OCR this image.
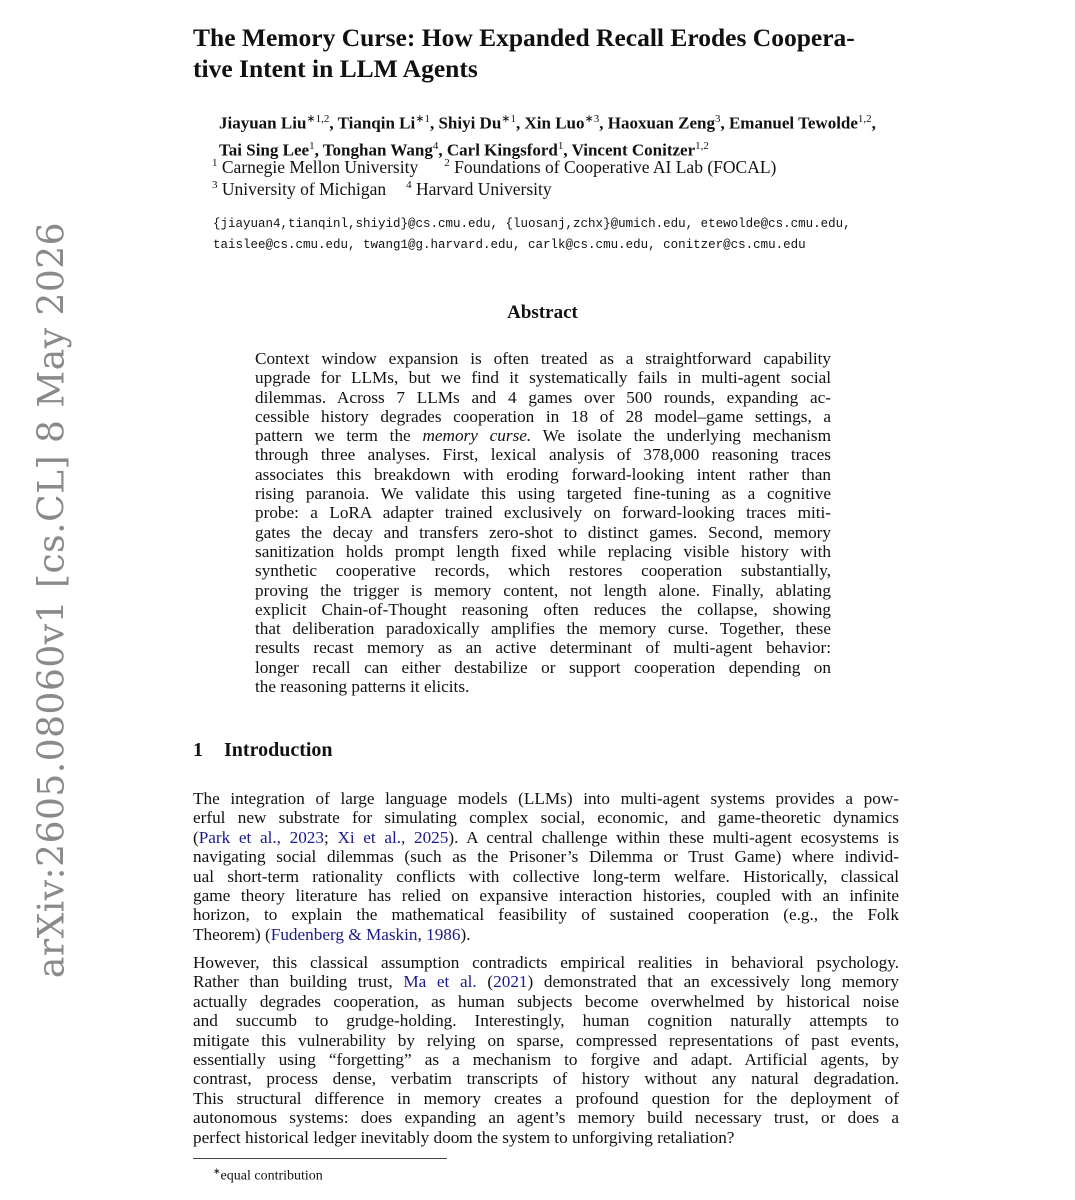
arXiv:2605.08060v1 [cs.CL] 8 May 2026
The Memory Curse: How Expanded Recall Erodes Coopera-
tive Intent in LLM Agents
Jiayuan Liu$^{∗1,2}$, Tianqin $Li^{∗1}$, Shiyi $Du^{∗1}$, Xin Luo$^{∗3}$, Haoxuan Zeng$^3$, Emanuel Tewolde$^{1,2}$,
Tai Sing Lee$^1$, Tonghan Wang$^4$, Carl Kingsford$^1$, Vincent Conitzer$^{1,2}$
$^1$ Carnegie Mellon University $^2$ Foundations of Cooperative AI Lab (FOCAL)
$^3$ University of Michigan $^4$ Harvard University
{jiayuan4,tianqinl,shiyid}@cs.cmu.edu, {luosanj,zchx}@umich.edu, etewolde@cs.cmu.edu,
taislee@cs.cmu.edu, twang1@g.harvard.edu, carlk@cs.cmu.edu, conitzer@cs.cmu.edu
Abstract
Context window expansion is often treated as a straightforward capability
upgrade for LLMs, but we find it systematically fails in multi-agent social
dilemmas. Across 7 LLMs and 4 games over 500 rounds, expanding ac-
cessible history degrades cooperation in 18 of 28 model–game settings, a
pattern we term the memory curse. We isolate the underlying mechanism
through three analyses. First, lexical analysis of 378,000 reasoning traces
associates this breakdown with eroding forward-looking intent rather than
rising paranoia. We validate this using targeted fine-tuning as a cognitive
probe: a LoRA adapter trained exclusively on forward-looking traces miti-
gates the decay and transfers zero-shot to distinct games. Second, memory
sanitization holds prompt length fixed while replacing visible history with
synthetic cooperative records, which restores cooperation substantially,
proving the trigger is memory content, not length alone. Finally, ablating
explicit Chain-of-Thought reasoning often reduces the collapse, showing
that deliberation paradoxically amplifies the memory curse. Together, these
results recast memory as an active determinant of multi-agent behavior:
longer recall can either destabilize or support cooperation depending on
the reasoning patterns it elicits.
1 Introduction
The integration of large language models (LLMs) into multi-agent systems provides a pow-
erful new substrate for simulating complex social, economic, and game-theoretic dynamics
(Park et al., 2023; Xi et al., 2025). A central challenge within these multi-agent ecosystems is
navigating social dilemmas (such as the Prisoner’s Dilemma or Trust Game) where individ-
ual short-term rationality conflicts with collective long-term welfare. Historically, classical
game theory literature has relied on expansive interaction histories, coupled with an infinite
horizon, to explain the mathematical feasibility of sustained cooperation (e.g., the Folk
Theorem) (Fudenberg & Maskin, 1986).
However, this classical assumption contradicts empirical realities in behavioral psychology.
Rather than building trust, Ma et al. (2021) demonstrated that an excessively long memory
actually degrades cooperation, as human subjects become overwhelmed by historical noise
and succumb to grudge-holding. Interestingly, human cognition naturally attempts to
mitigate this vulnerability by relying on sparse, compressed representations of past events,
essentially using “forgetting” as a mechanism to forgive and adapt. Artificial agents, by
contrast, process dense, verbatim transcripts of history without any natural degradation.
This structural difference in memory creates a profound question for the deployment of
autonomous systems: does expanding an agent’s memory build necessary trust, or does a
perfect historical ledger inevitably doom the system to unforgiving retaliation?
∗equal contribution
